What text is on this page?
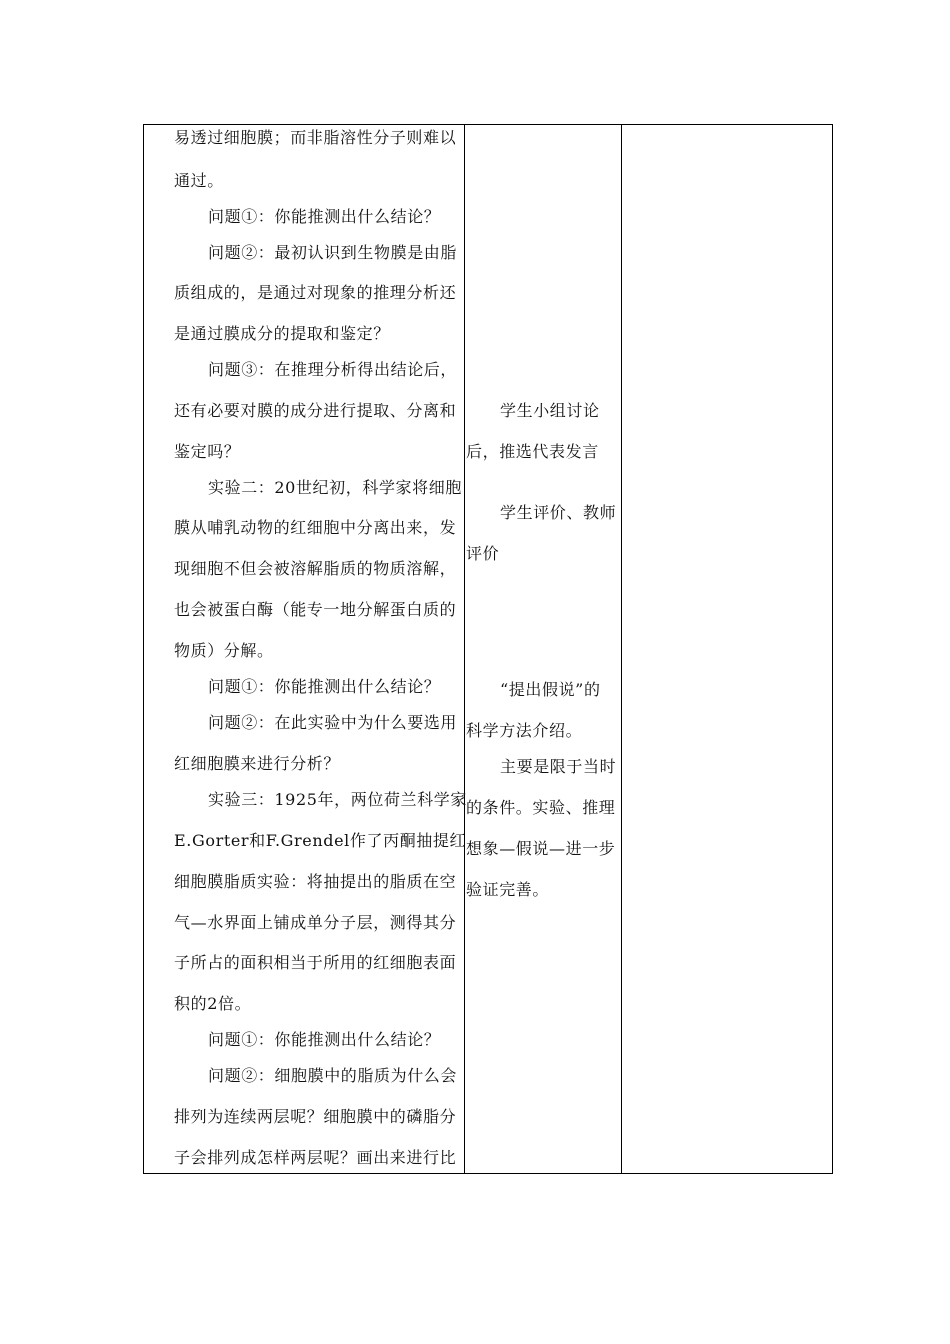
易透过细胞膜；而非脂溶性分子则难以
通过。
问题①：你能推测出什么结论？
问题②：最初认识到生物膜是由脂
质组成的，是通过对现象的推理分析还
是通过膜成分的提取和鉴定？
问题③：在推理分析得出结论后，
还有必要对膜的成分进行提取、分离和
鉴定吗？
实验二：20世纪初，科学家将细胞
膜从哺乳动物的红细胞中分离出来，发
现细胞不但会被溶解脂质的物质溶解，
也会被蛋白酶（能专一地分解蛋白质的
物质）分解。
问题①：你能推测出什么结论？
问题②：在此实验中为什么要选用
红细胞膜来进行分析？
实验三：1925年，两位荷兰科学家
E.Gorter和F.Grendel作了丙酮抽提红
细胞膜脂质实验：将抽提出的脂质在空
气—水界面上铺成单分子层，测得其分
子所占的面积相当于所用的红细胞表面
积的2倍。
问题①：你能推测出什么结论？
问题②：细胞膜中的脂质为什么会
排列为连续两层呢？细胞膜中的磷脂分
子会排列成怎样两层呢？画出来进行比
学生小组讨论
后，推选代表发言
学生评价、教师
评价
“提出假说”的
科学方法介绍。
主要是限于当时
的条件。实验、推理
想象—假说—进一步
验证完善。
